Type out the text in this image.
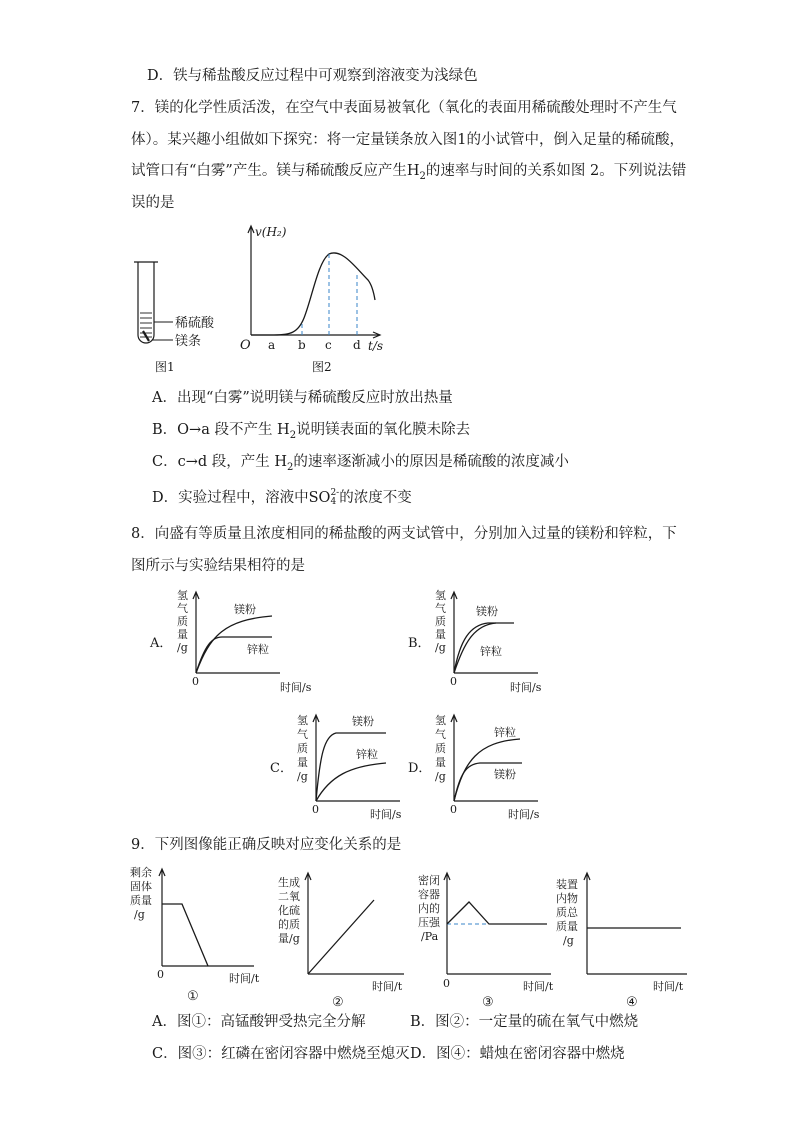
D．铁与稀盐酸反应过程中可观察到溶液变为浅绿色
7．镁的化学性质活泼，在空气中表面易被氧化（氧化的表面用稀硫酸处理时不产生气
体）。某兴趣小组做如下探究：将一定量镁条放入图1的小试管中，倒入足量的稀硫酸，
试管口有“白雾”产生。镁与稀硫酸反应产生$H_2$的速率与时间的关系如图 2。下列说法错
误的是
稀硫酸
镁条
图1
v(H₂)
O a b c d t/s
图2
A．出现“白雾”说明镁与稀硫酸反应时放出热量
B．O→a 段不产生 $H_2$说明镁表面的氧化膜未除去
C．c→d 段，产生 $H_2$的速率逐渐减小的原因是稀硫酸的浓度减小
D．实验过程中，溶液中SO 2-
4 的浓度不变
8．向盛有等质量且浓度相同的稀盐酸的两支试管中，分别加入过量的镁粉和锌粒，下
图所示与实验结果相符的是
A．
氢
气
质
量
/g
镁粉
锌粒
0	时间/s
B．
氢
气
质
量
/g
镁粉
锌粒
0	时间/s
C．
氢
气
质
量
/g
镁粉
锌粒
0	时间/s
D．
氢
气
质
量
/g
锌粒
镁粉
0	时间/s
9．下列图像能正确反映对应变化关系的是
剩余
固体
质量
/g
0	时间/t
①
生成
二氧
化硫
的质
量/g
时间/t
②
密闭
容器
内的
压强
/Pa
0	时间/t
③
装置
内物
质总
质量
/g
时间/t
④
A．图①：高锰酸钾受热完全分解	B．图②：一定量的硫在氧气中燃烧
C．图③：红磷在密闭容器中燃烧至熄灭 D．图④：蜡烛在密闭容器中燃烧
